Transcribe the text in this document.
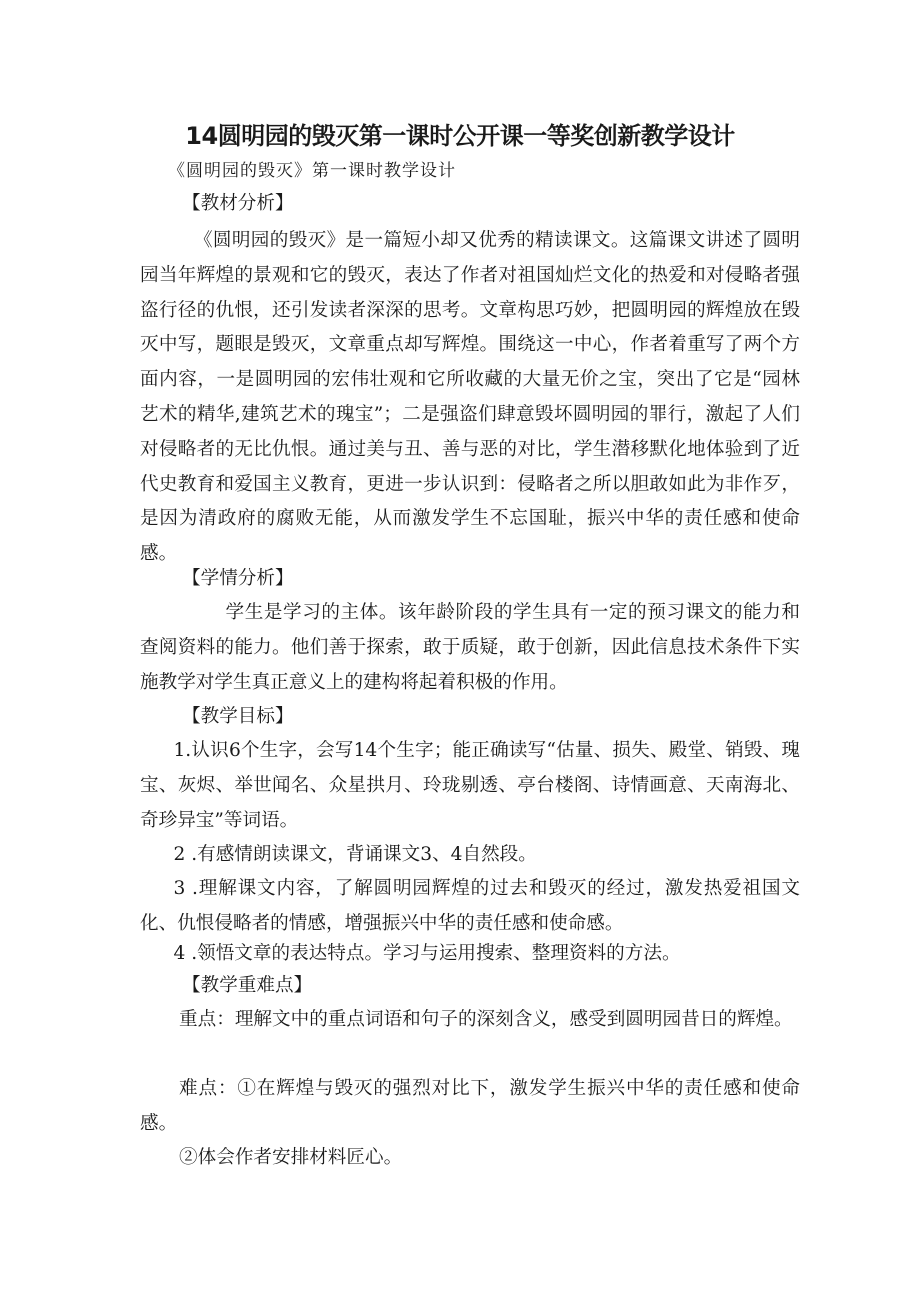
14圆明园的毁灭第一课时公开课一等奖创新教学设计
《圆明园的毁灭》第一课时教学设计
【教材分析】
《圆明园的毁灭》是一篇短小却又优秀的精读课文。这篇课文讲述了圆明园当年辉煌的景观和它的毁灭，表达了作者对祖国灿烂文化的热爱和对侵略者强盗行径的仇恨，还引发读者深深的思考。文章构思巧妙，把圆明园的辉煌放在毁灭中写，题眼是毁灭，文章重点却写辉煌。围绕这一中心，作者着重写了两个方面内容，一是圆明园的宏伟壮观和它所收藏的大量无价之宝，突出了它是“园林艺术的精华,建筑艺术的瑰宝”；二是强盗们肆意毁坏圆明园的罪行，激起了人们对侵略者的无比仇恨。通过美与丑、善与恶的对比，学生潜移默化地体验到了近代史教育和爱国主义教育，更进一步认识到：侵略者之所以胆敢如此为非作歹，是因为清政府的腐败无能，从而激发学生不忘国耻，振兴中华的责任感和使命感。
【学情分析】
学生是学习的主体。该年龄阶段的学生具有一定的预习课文的能力和查阅资料的能力。他们善于探索，敢于质疑，敢于创新，因此信息技术条件下实施教学对学生真正意义上的建构将起着积极的作用。
【教学目标】
1.认识6个生字，会写14个生字；能正确读写“估量、损失、殿堂、销毁、瑰宝、灰烬、举世闻名、众星拱月、玲珑剔透、亭台楼阁、诗情画意、天南海北、奇珍异宝”等词语。
2 .有感情朗读课文，背诵课文3、4自然段。
3 .理解课文内容，了解圆明园辉煌的过去和毁灭的经过，激发热爱祖国文化、仇恨侵略者的情感，增强振兴中华的责任感和使命感。
4 .领悟文章的表达特点。学习与运用搜索、整理资料的方法。
【教学重难点】
重点：理解文中的重点词语和句子的深刻含义，感受到圆明园昔日的辉煌。
难点：①在辉煌与毁灭的强烈对比下，激发学生振兴中华的责任感和使命感。
②体会作者安排材料匠心。
